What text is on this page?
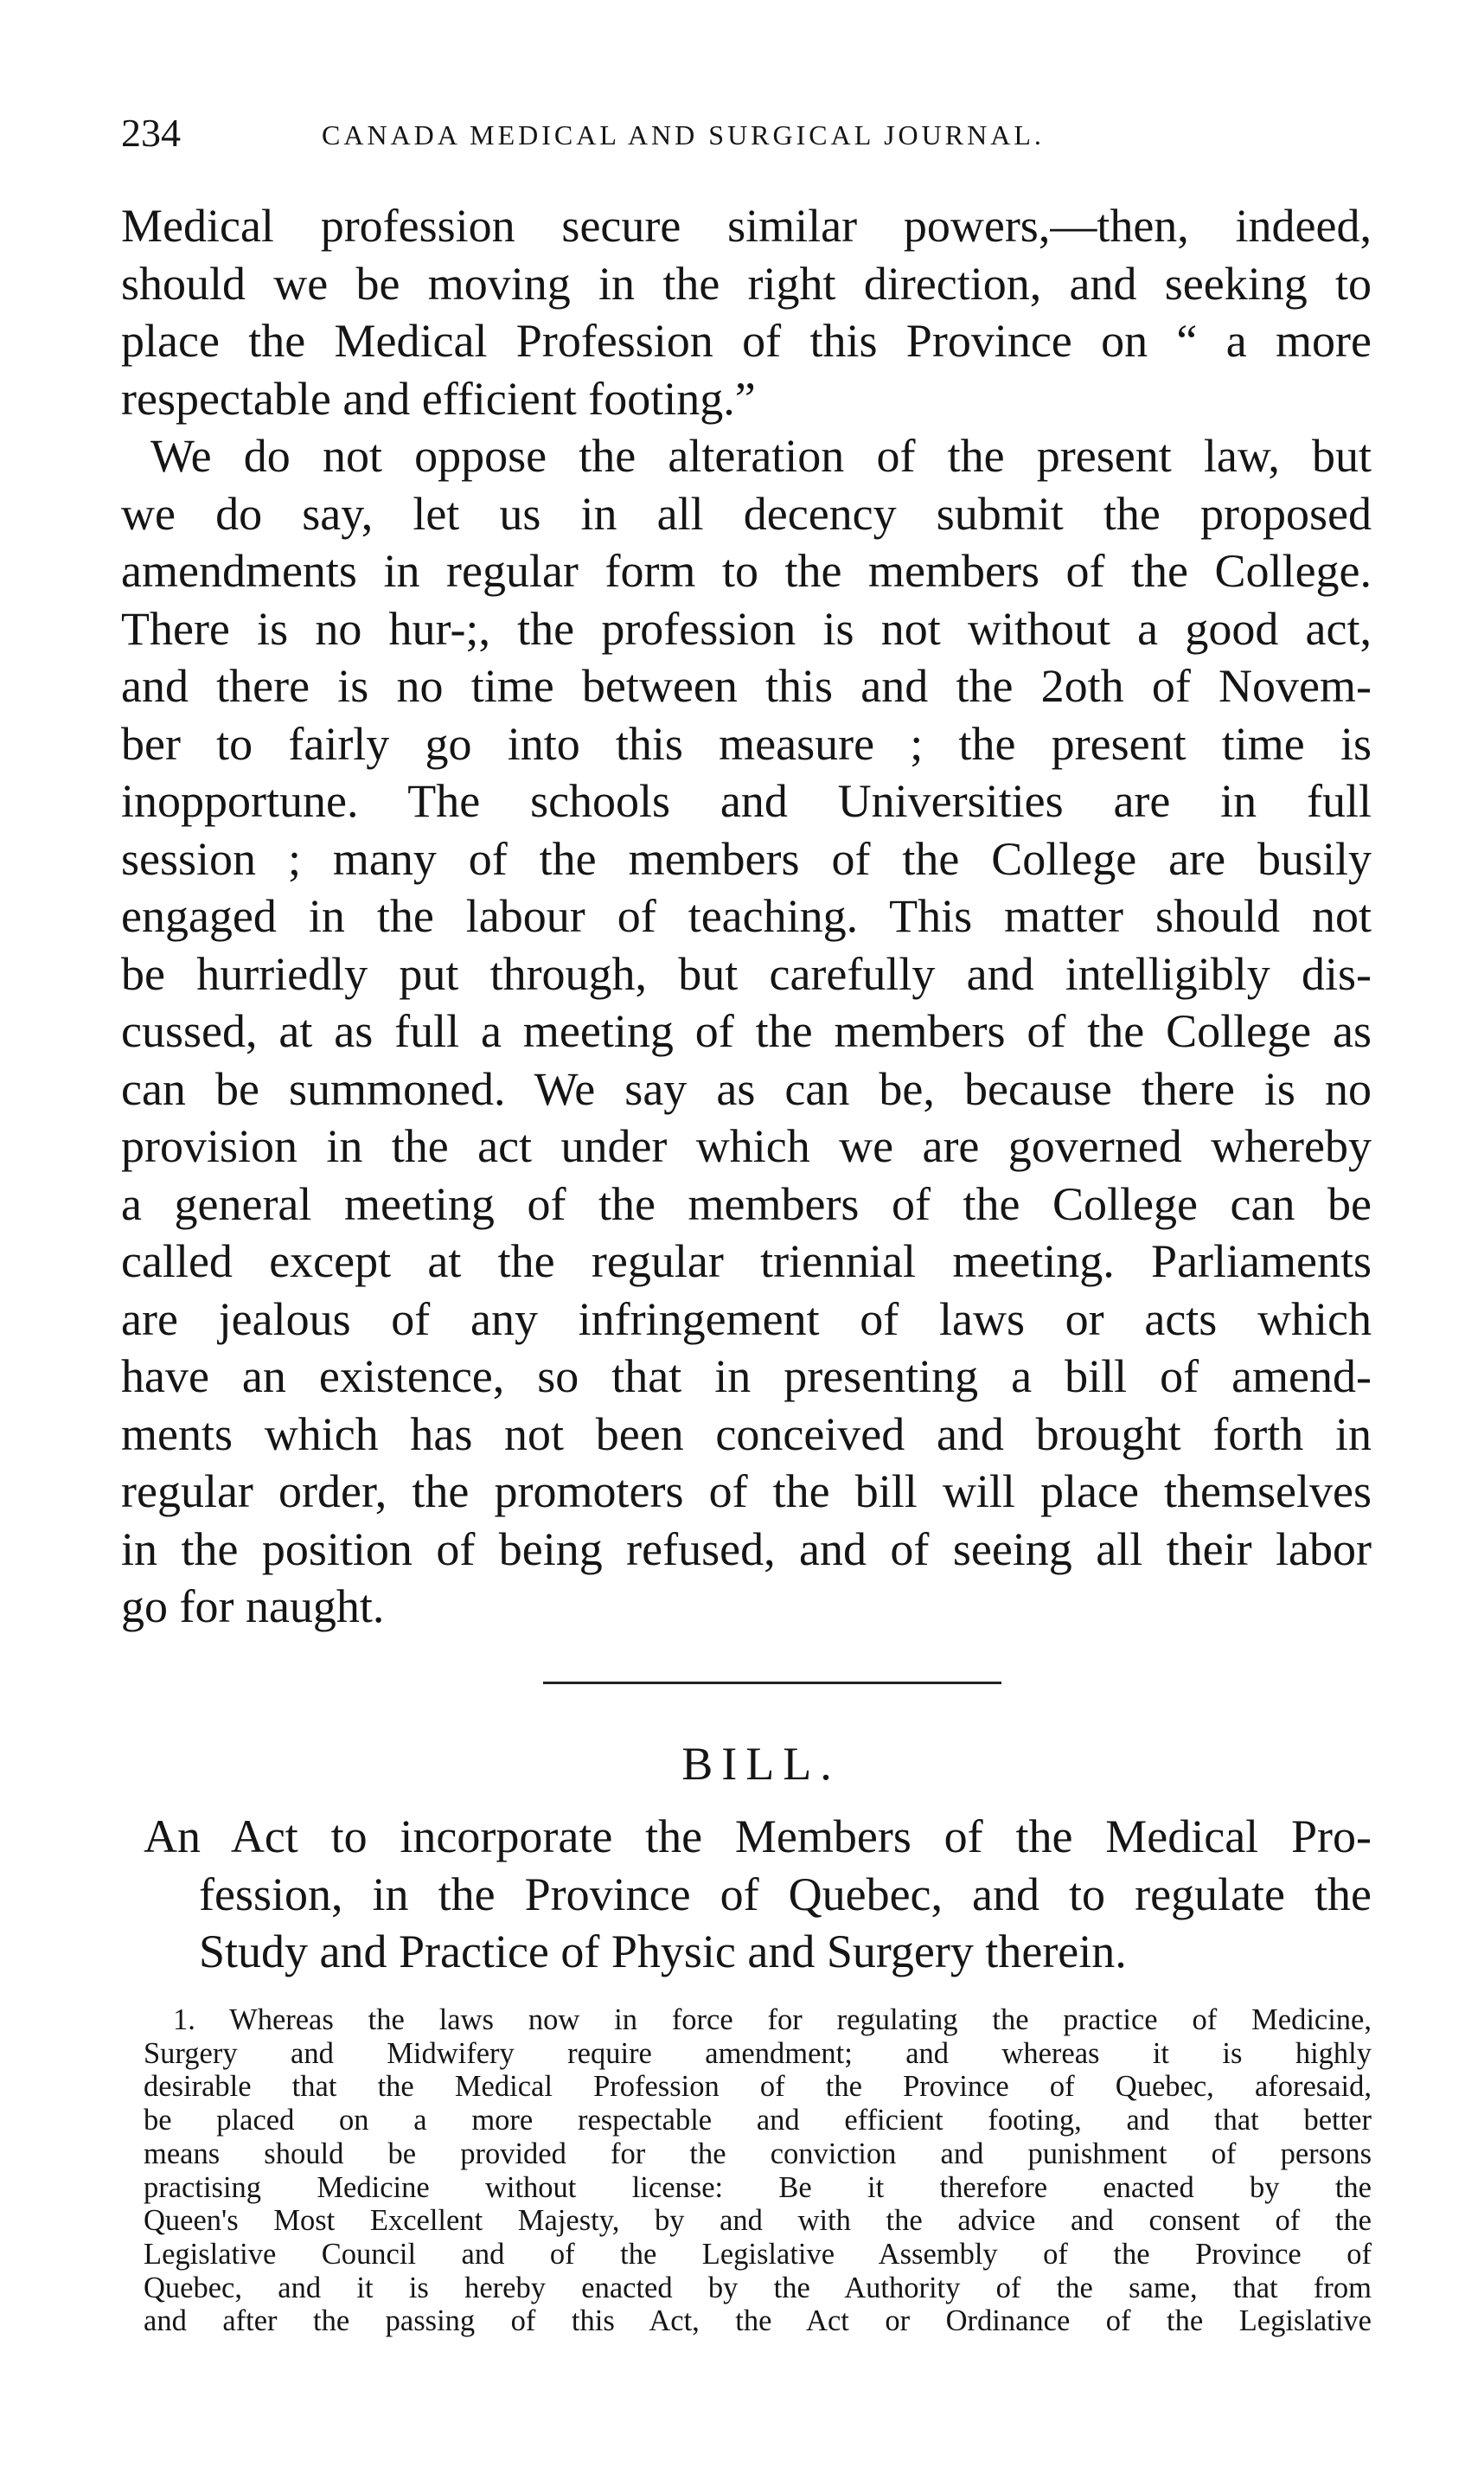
234	CANADA MEDICAL AND SURGICAL JOURNAL.
Medical profession secure similar powers,—then, indeed,
should we be moving in the right direction, and seeking to
place the Medical Profession of this Province on “ a more
respectable and efficient footing.”
We do not oppose the alteration of the present law, but
we do say, let us in all decency submit the proposed
amendments in regular form to the members of the College.
There is no hur-;, the profession is not without a good act,
and there is no time between this and the 2oth of Novem-
ber to fairly go into this measure ; the present time is
inopportune. The schools and Universities are in full
session ; many of the members of the College are busily
engaged in the labour of teaching. This matter should not
be hurriedly put through, but carefully and intelligibly dis-
cussed, at as full a meeting of the members of the College as
can be summoned. We say as can be, because there is no
provision in the act under which we are governed whereby
a general meeting of the members of the College can be
called except at the regular triennial meeting. Parliaments
are jealous of any infringement of laws or acts which
have an existence, so that in presenting a bill of amend-
ments which has not been conceived and brought forth in
regular order, the promoters of the bill will place themselves
in the position of being refused, and of seeing all their labor
go for naught.
BILL.
An Act to incorporate the Members of the Medical Pro-
fession, in the Province of Quebec, and to regulate the
Study and Practice of Physic and Surgery therein.
1. Whereas the laws now in force for regulating the practice of Medicine,
Surgery and Midwifery require amendment; and whereas it is highly
desirable that the Medical Profession of the Province of Quebec, aforesaid,
be placed on a more respectable and efficient footing, and that better
means should be provided for the conviction and punishment of persons
practising Medicine without license: Be it therefore enacted by the
Queen's Most Excellent Majesty, by and with the advice and consent of the
Legislative Council and of the Legislative Assembly of the Province of
Quebec, and it is hereby enacted by the Authority of the same, that from
and after the passing of this Act, the Act or Ordinance of the Legislative
